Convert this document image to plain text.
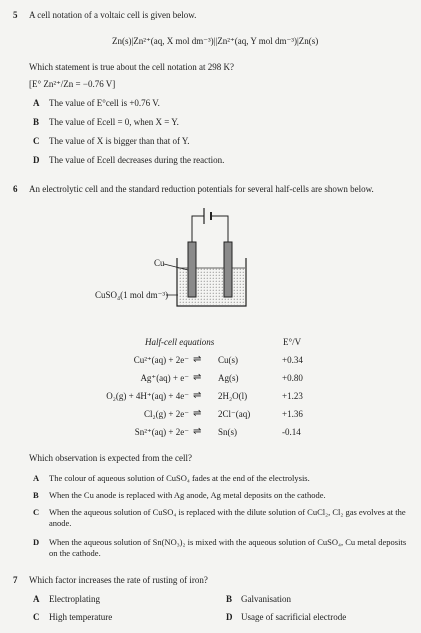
5 A cell notation of a voltaic cell is given below.
Zn(s)|Zn²⁺(aq, X mol dm⁻³)||Zn²⁺(aq, Y mol dm⁻³)|Zn(s)
Which statement is true about the cell notation at 298 K?
[E° Zn²⁺/Zn = −0.76 V]
A The value of E°cell is +0.76 V.
B The value of Ecell = 0, when X = Y.
C The value of X is bigger than that of Y.
D The value of Ecell decreases during the reaction.
6 An electrolytic cell and the standard reduction potentials for several half-cells are shown below.
Cu
CuSO₄(1 mol dm⁻³)
Half-cell equations	E°/V
Cu²⁺(aq) + 2e⁻ ⇌ Cu(s)	+0.34
Ag⁺(aq) + e⁻ ⇌ Ag(s)	+0.80
O₂(g) + 4H⁺(aq) + 4e⁻ ⇌ 2H₂O(l)	+1.23
Cl₂(g) + 2e⁻ ⇌ 2Cl⁻(aq)	+1.36
Sn²⁺(aq) + 2e⁻ ⇌ Sn(s)	-0.14
Which observation is expected from the cell?
A The colour of aqueous solution of CuSO₄ fades at the end of the electrolysis.
B When the Cu anode is replaced with Ag anode, Ag metal deposits on the cathode.
C When the aqueous solution of CuSO₄ is replaced with the dilute solution of CuCl₂, Cl₂ gas evolves at the anode.
D When the aqueous solution of Sn(NO₃)₂ is mixed with the aqueous solution of CuSO₄, Cu metal deposits on the cathode.
7 Which factor increases the rate of rusting of iron?
A Electroplating	B Galvanisation
C High temperature	D Usage of sacrificial electrode
